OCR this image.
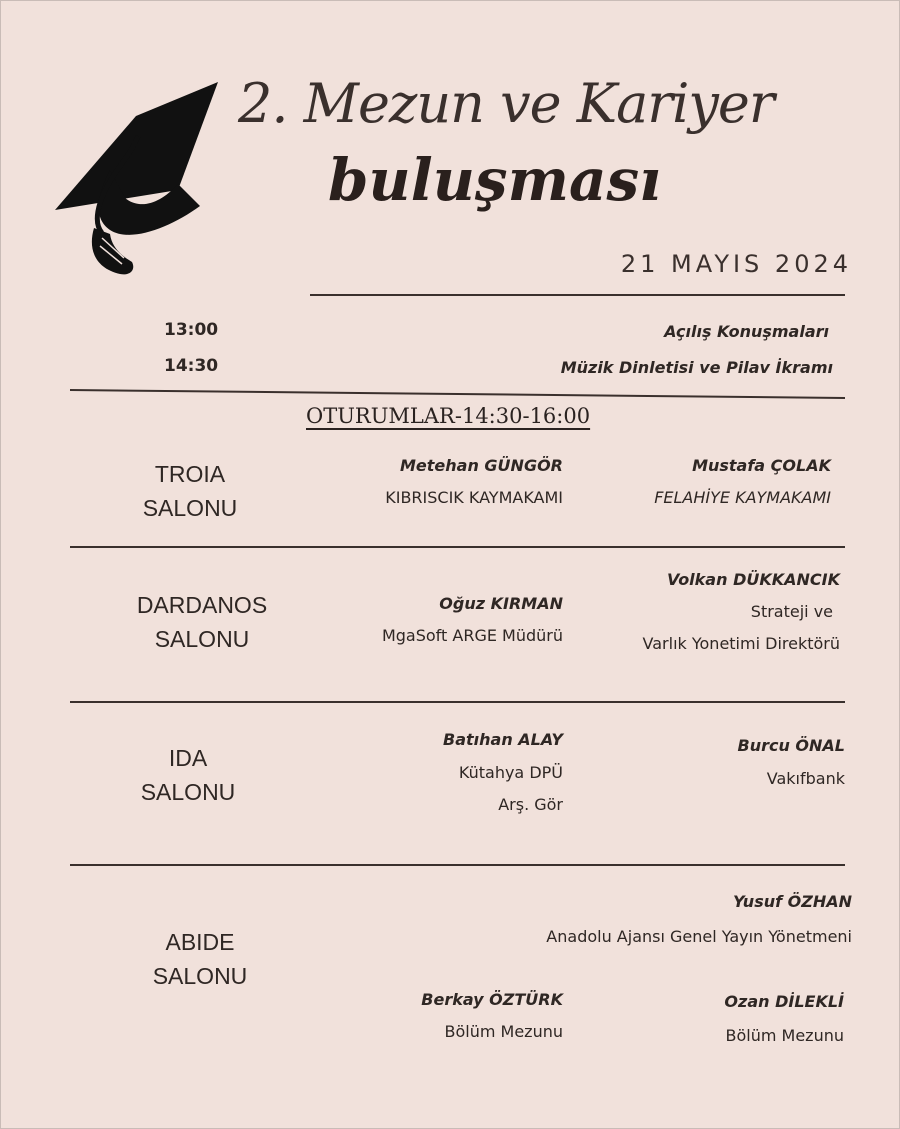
2. Mezun ve Kariyer
buluşması
21 MAYIS 2024
13:00	Açılış Konuşmaları
14:30	Müzik Dinletisi ve Pilav İkramı
OTURUMLAR-14:30-16:00
TROIA
SALONU
Metehan GÜNGÖR
KIBRISCIK KAYMAKAMI
Mustafa ÇOLAK
FELAHİYE KAYMAKAMI
DARDANOS
SALONU
Oğuz KIRMAN
MgaSoft ARGE Müdürü
Volkan DÜKKANCIK
Strateji ve
Varlık Yonetimi Direktörü
IDA
SALONU
Batıhan ALAY
Kütahya DPÜ
Arş. Gör
Burcu ÖNAL
Vakıfbank
ABIDE
SALONU
Yusuf ÖZHAN
Anadolu Ajansı Genel Yayın Yönetmeni
Berkay ÖZTÜRK
Bölüm Mezunu
Ozan DİLEKLİ
Bölüm Mezunu
